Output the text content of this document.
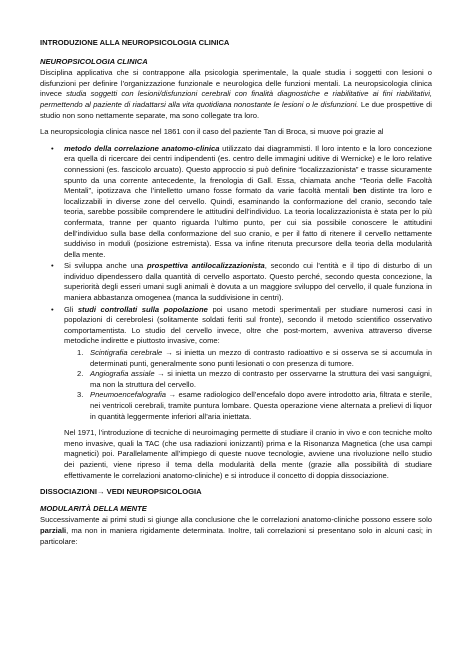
INTRODUZIONE ALLA NEUROPSICOLOGIA CLINICA

NEUROPSICOLOGIA CLINICA

Disciplina applicativa che si contrappone alla psicologia sperimentale, la quale studia i soggetti con lesioni o disfunzioni per definire l’organizzazione funzionale e neurologica delle funzioni mentali. La neuropsicologia clinica invece studia soggetti con lesioni/disfunzioni cerebrali con finalità diagnostiche e riabilitative ai fini riabilitativi, permettendo al paziente di riadattarsi alla vita quotidiana nonostante le lesioni o le disfunzioni. Le due prospettive di studio non sono nettamente separate, ma sono collegate tra loro.

La neuropsicologia clinica nasce nel 1861 con il caso del paziente Tan di Broca, si muove poi grazie al

• metodo della correlazione anatomo-clinica utilizzato dai diagrammisti. Il loro intento e la loro concezione era quella di ricercare dei centri indipendenti (es. centro delle immagini uditive di Wernicke) e le loro relative connessioni (es. fascicolo arcuato). Questo approccio si può definire “localizzazionista” e trasse sicuramente spunto da una corrente antecedente, la frenologia di Gall. Essa, chiamata anche “Teoria delle Facoltà Mentali”, ipotizzava che l’intelletto umano fosse formato da varie facoltà mentali ben distinte tra loro e localizzabili in diverse zone del cervello. Quindi, esaminando la conformazione del cranio, secondo tale teoria, sarebbe possibile comprendere le attitudini dell’individuo. La teoria localizzazionista è stata per lo più confermata, tranne per quanto riguarda l’ultimo punto, per cui sia possibile conoscere le attitudini dell’individuo sulla base della conformazione del suo cranio, e per il fatto di ritenere il cervello nettamente suddiviso in moduli (posizione estremista). Essa va infine ritenuta precursore della teoria della modularità della mente.
• Si sviluppa anche una prospettiva antilocalizzazionista, secondo cui l’entità e il tipo di disturbo di un individuo dipendessero dalla quantità di cervello asportato. Questo perché, secondo questa concezione, la superiorità degli esseri umani sugli animali è dovuta a un maggiore sviluppo del cervello, il quale funziona in maniera abbastanza omogenea (manca la suddivisione in centri).
• Gli studi controllati sulla popolazione poi usano metodi sperimentali per studiare numerosi casi in popolazioni di cerebrolesi (solitamente soldati feriti sul fronte), secondo il metodo scientifico osservativo comportamentista. Lo studio del cervello invece, oltre che post-mortem, avveniva attraverso diverse metodiche indirette e piuttosto invasive, come:
1. Scintigrafia cerebrale → si inietta un mezzo di contrasto radioattivo e si osserva se si accumula in determinati punti, generalmente sono punti lesionati o con presenza di tumore.
2. Angiografia assiale → si inietta un mezzo di contrasto per osservarne la struttura dei vasi sanguigni, ma non la struttura del cervello.
3. Pneumoencefalografia → esame radiologico dell’encefalo dopo avere introdotto aria, filtrata e sterile, nei ventricoli cerebrali, tramite puntura lombare. Questa operazione viene alternata a prelievi di liquor in quantità leggermente inferiori all’aria iniettata.

Nel 1971, l’introduzione di tecniche di neuroimaging permette di studiare il cranio in vivo e con tecniche molto meno invasive, quali la TAC (che usa radiazioni ionizzanti) prima e la Risonanza Magnetica (che usa campi magnetici) poi. Parallelamente all’impiego di queste nuove tecnologie, avviene una rivoluzione nello studio dei pazienti, viene ripreso il tema della modularità della mente (grazie alla possibilità di studiare effettivamente le correlazioni anatomo-cliniche) e si introduce il concetto di doppia dissociazione.

DISSOCIAZIONI→ VEDI NEUROPSICOLOGIA

MODULARITÀ DELLA MENTE

Successivamente ai primi studi si giunge alla conclusione che le correlazioni anatomo-cliniche possono essere solo parziali, ma non in maniera rigidamente determinata. Inoltre, tali correlazioni si presentano solo in alcuni casi; in particolare:
